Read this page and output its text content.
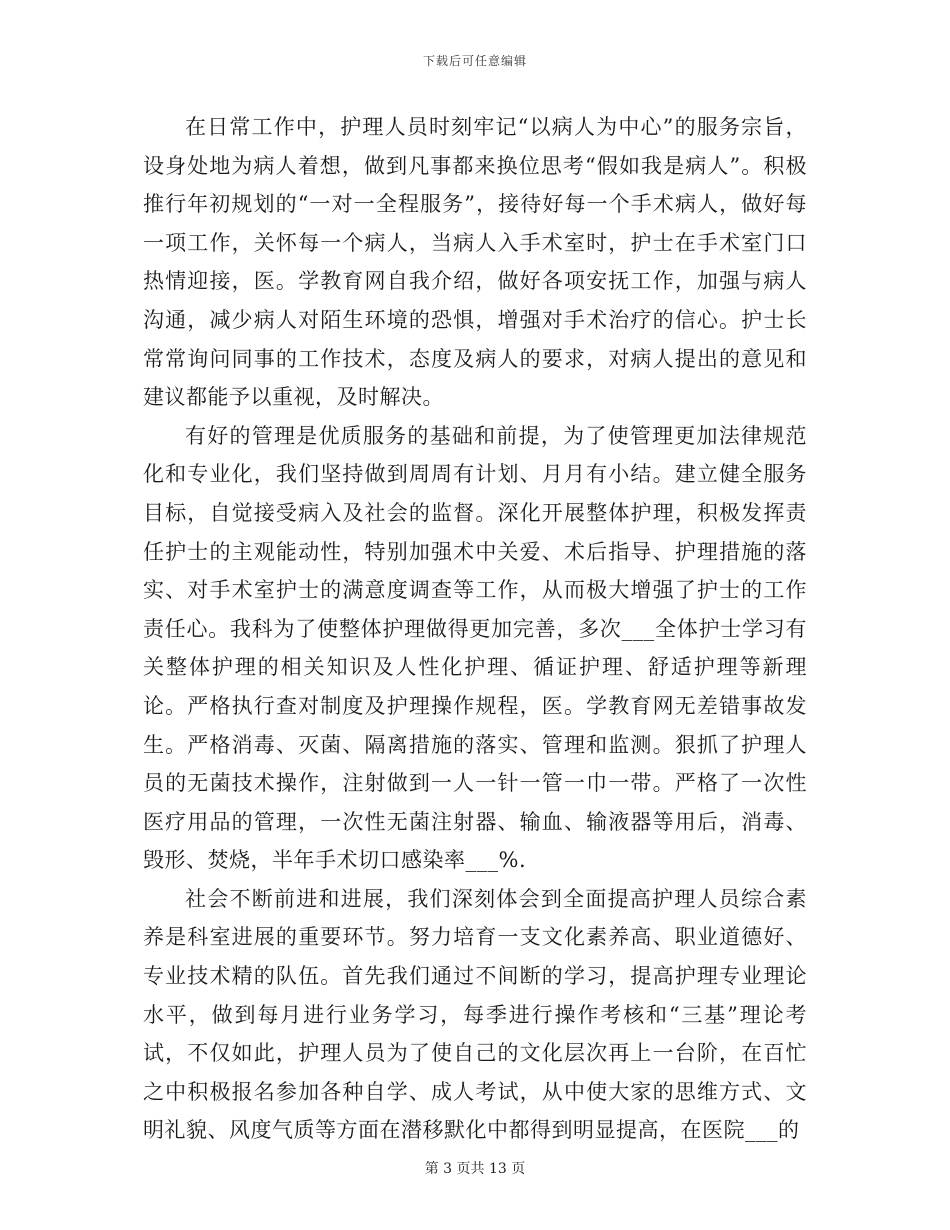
下载后可任意编辑

在日常工作中，护理人员时刻牢记“以病人为中心”的服务宗旨，设身处地为病人着想，做到凡事都来换位思考“假如我是病人”。积极推行年初规划的“一对一全程服务”，接待好每一个手术病人，做好每一项工作，关怀每一个病人，当病人入手术室时，护士在手术室门口热情迎接，医。学教育网自我介绍，做好各项安抚工作，加强与病人沟通，减少病人对陌生环境的恐惧，增强对手术治疗的信心。护士长常常询问同事的工作技术，态度及病人的要求，对病人提出的意见和建议都能予以重视，及时解决。

有好的管理是优质服务的基础和前提，为了使管理更加法律规范化和专业化，我们坚持做到周周有计划、月月有小结。建立健全服务目标，自觉接受病入及社会的监督。深化开展整体护理，积极发挥责任护士的主观能动性，特别加强术中关爱、术后指导、护理措施的落实、对手术室护士的满意度调查等工作，从而极大增强了护士的工作责任心。我科为了使整体护理做得更加完善，多次___全体护士学习有关整体护理的相关知识及人性化护理、循证护理、舒适护理等新理论。严格执行查对制度及护理操作规程，医。学教育网无差错事故发生。严格消毒、灭菌、隔离措施的落实、管理和监测。狠抓了护理人员的无菌技术操作，注射做到一人一针一管一巾一带。严格了一次性医疗用品的管理，一次性无菌注射器、输血、输液器等用后，消毒、毁形、焚烧，半年手术切口感染率___%.

社会不断前进和进展，我们深刻体会到全面提高护理人员综合素养是科室进展的重要环节。努力培育一支文化素养高、职业道德好、专业技术精的队伍。首先我们通过不间断的学习，提高护理专业理论水平，做到每月进行业务学习，每季进行操作考核和“三基”理论考试，不仅如此，护理人员为了使自己的文化层次再上一台阶，在百忙之中积极报名参加各种自学、成人考试，从中使大家的思维方式、文明礼貌、风度气质等方面在潜移默化中都得到明显提高，在医院___的

第 3 页共 13 页
